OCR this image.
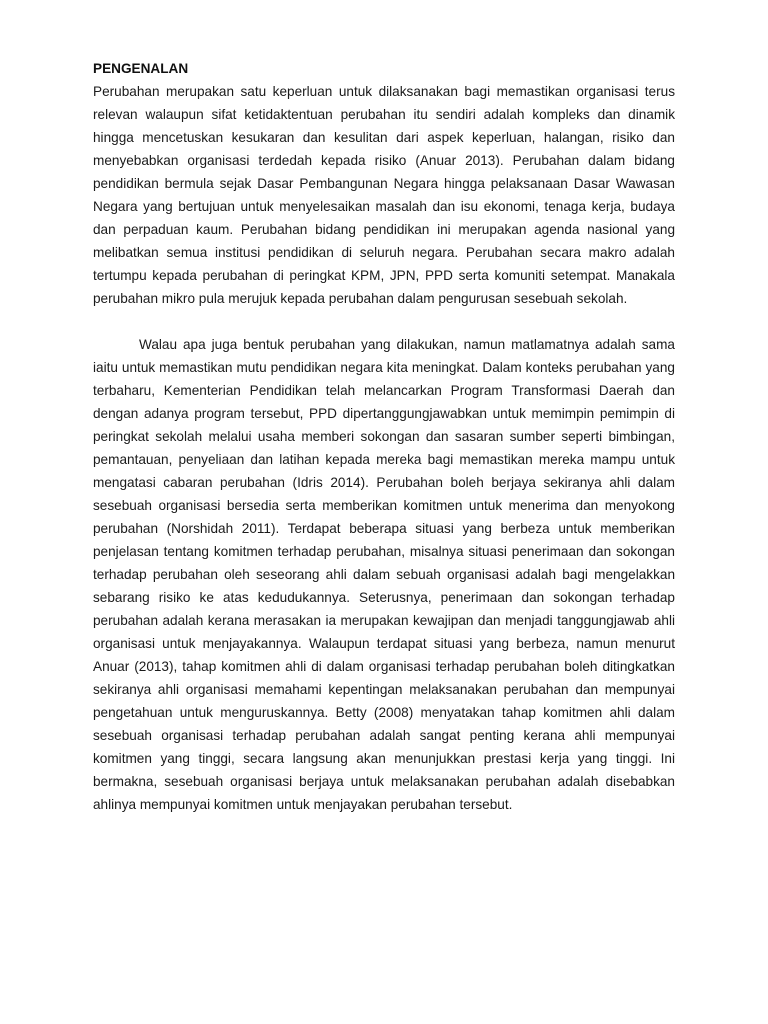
PENGENALAN

Perubahan merupakan satu keperluan untuk dilaksanakan bagi memastikan organisasi terus relevan walaupun sifat ketidaktentuan perubahan itu sendiri adalah kompleks dan dinamik hingga mencetuskan kesukaran dan kesulitan dari aspek keperluan, halangan, risiko dan menyebabkan organisasi terdedah kepada risiko (Anuar 2013). Perubahan dalam bidang pendidikan bermula sejak Dasar Pembangunan Negara hingga pelaksanaan Dasar Wawasan Negara yang bertujuan untuk menyelesaikan masalah dan isu ekonomi, tenaga kerja, budaya dan perpaduan kaum. Perubahan bidang pendidikan ini merupakan agenda nasional yang melibatkan semua institusi pendidikan di seluruh negara. Perubahan secara makro adalah tertumpu kepada perubahan di peringkat KPM, JPN, PPD serta komuniti setempat. Manakala perubahan mikro pula merujuk kepada perubahan dalam pengurusan sesebuah sekolah.

Walau apa juga bentuk perubahan yang dilakukan, namun matlamatnya adalah sama iaitu untuk memastikan mutu pendidikan negara kita meningkat. Dalam konteks perubahan yang terbaharu, Kementerian Pendidikan telah melancarkan Program Transformasi Daerah dan dengan adanya program tersebut, PPD dipertanggungjawabkan untuk memimpin pemimpin di peringkat sekolah melalui usaha memberi sokongan dan sasaran sumber seperti bimbingan, pemantauan, penyeliaan dan latihan kepada mereka bagi memastikan mereka mampu untuk mengatasi cabaran perubahan (Idris 2014). Perubahan boleh berjaya sekiranya ahli dalam sesebuah organisasi bersedia serta memberikan komitmen untuk menerima dan menyokong perubahan (Norshidah 2011). Terdapat beberapa situasi yang berbeza untuk memberikan penjelasan tentang komitmen terhadap perubahan, misalnya situasi penerimaan dan sokongan terhadap perubahan oleh seseorang ahli dalam sebuah organisasi adalah bagi mengelakkan sebarang risiko ke atas kedudukannya. Seterusnya, penerimaan dan sokongan terhadap perubahan adalah kerana merasakan ia merupakan kewajipan dan menjadi tanggungjawab ahli organisasi untuk menjayakannya. Walaupun terdapat situasi yang berbeza, namun menurut Anuar (2013), tahap komitmen ahli di dalam organisasi terhadap perubahan boleh ditingkatkan sekiranya ahli organisasi memahami kepentingan melaksanakan perubahan dan mempunyai pengetahuan untuk menguruskannya. Betty (2008) menyatakan tahap komitmen ahli dalam sesebuah organisasi terhadap perubahan adalah sangat penting kerana ahli mempunyai komitmen yang tinggi, secara langsung akan menunjukkan prestasi kerja yang tinggi. Ini bermakna, sesebuah organisasi berjaya untuk melaksanakan perubahan adalah disebabkan ahlinya mempunyai komitmen untuk menjayakan perubahan tersebut.
